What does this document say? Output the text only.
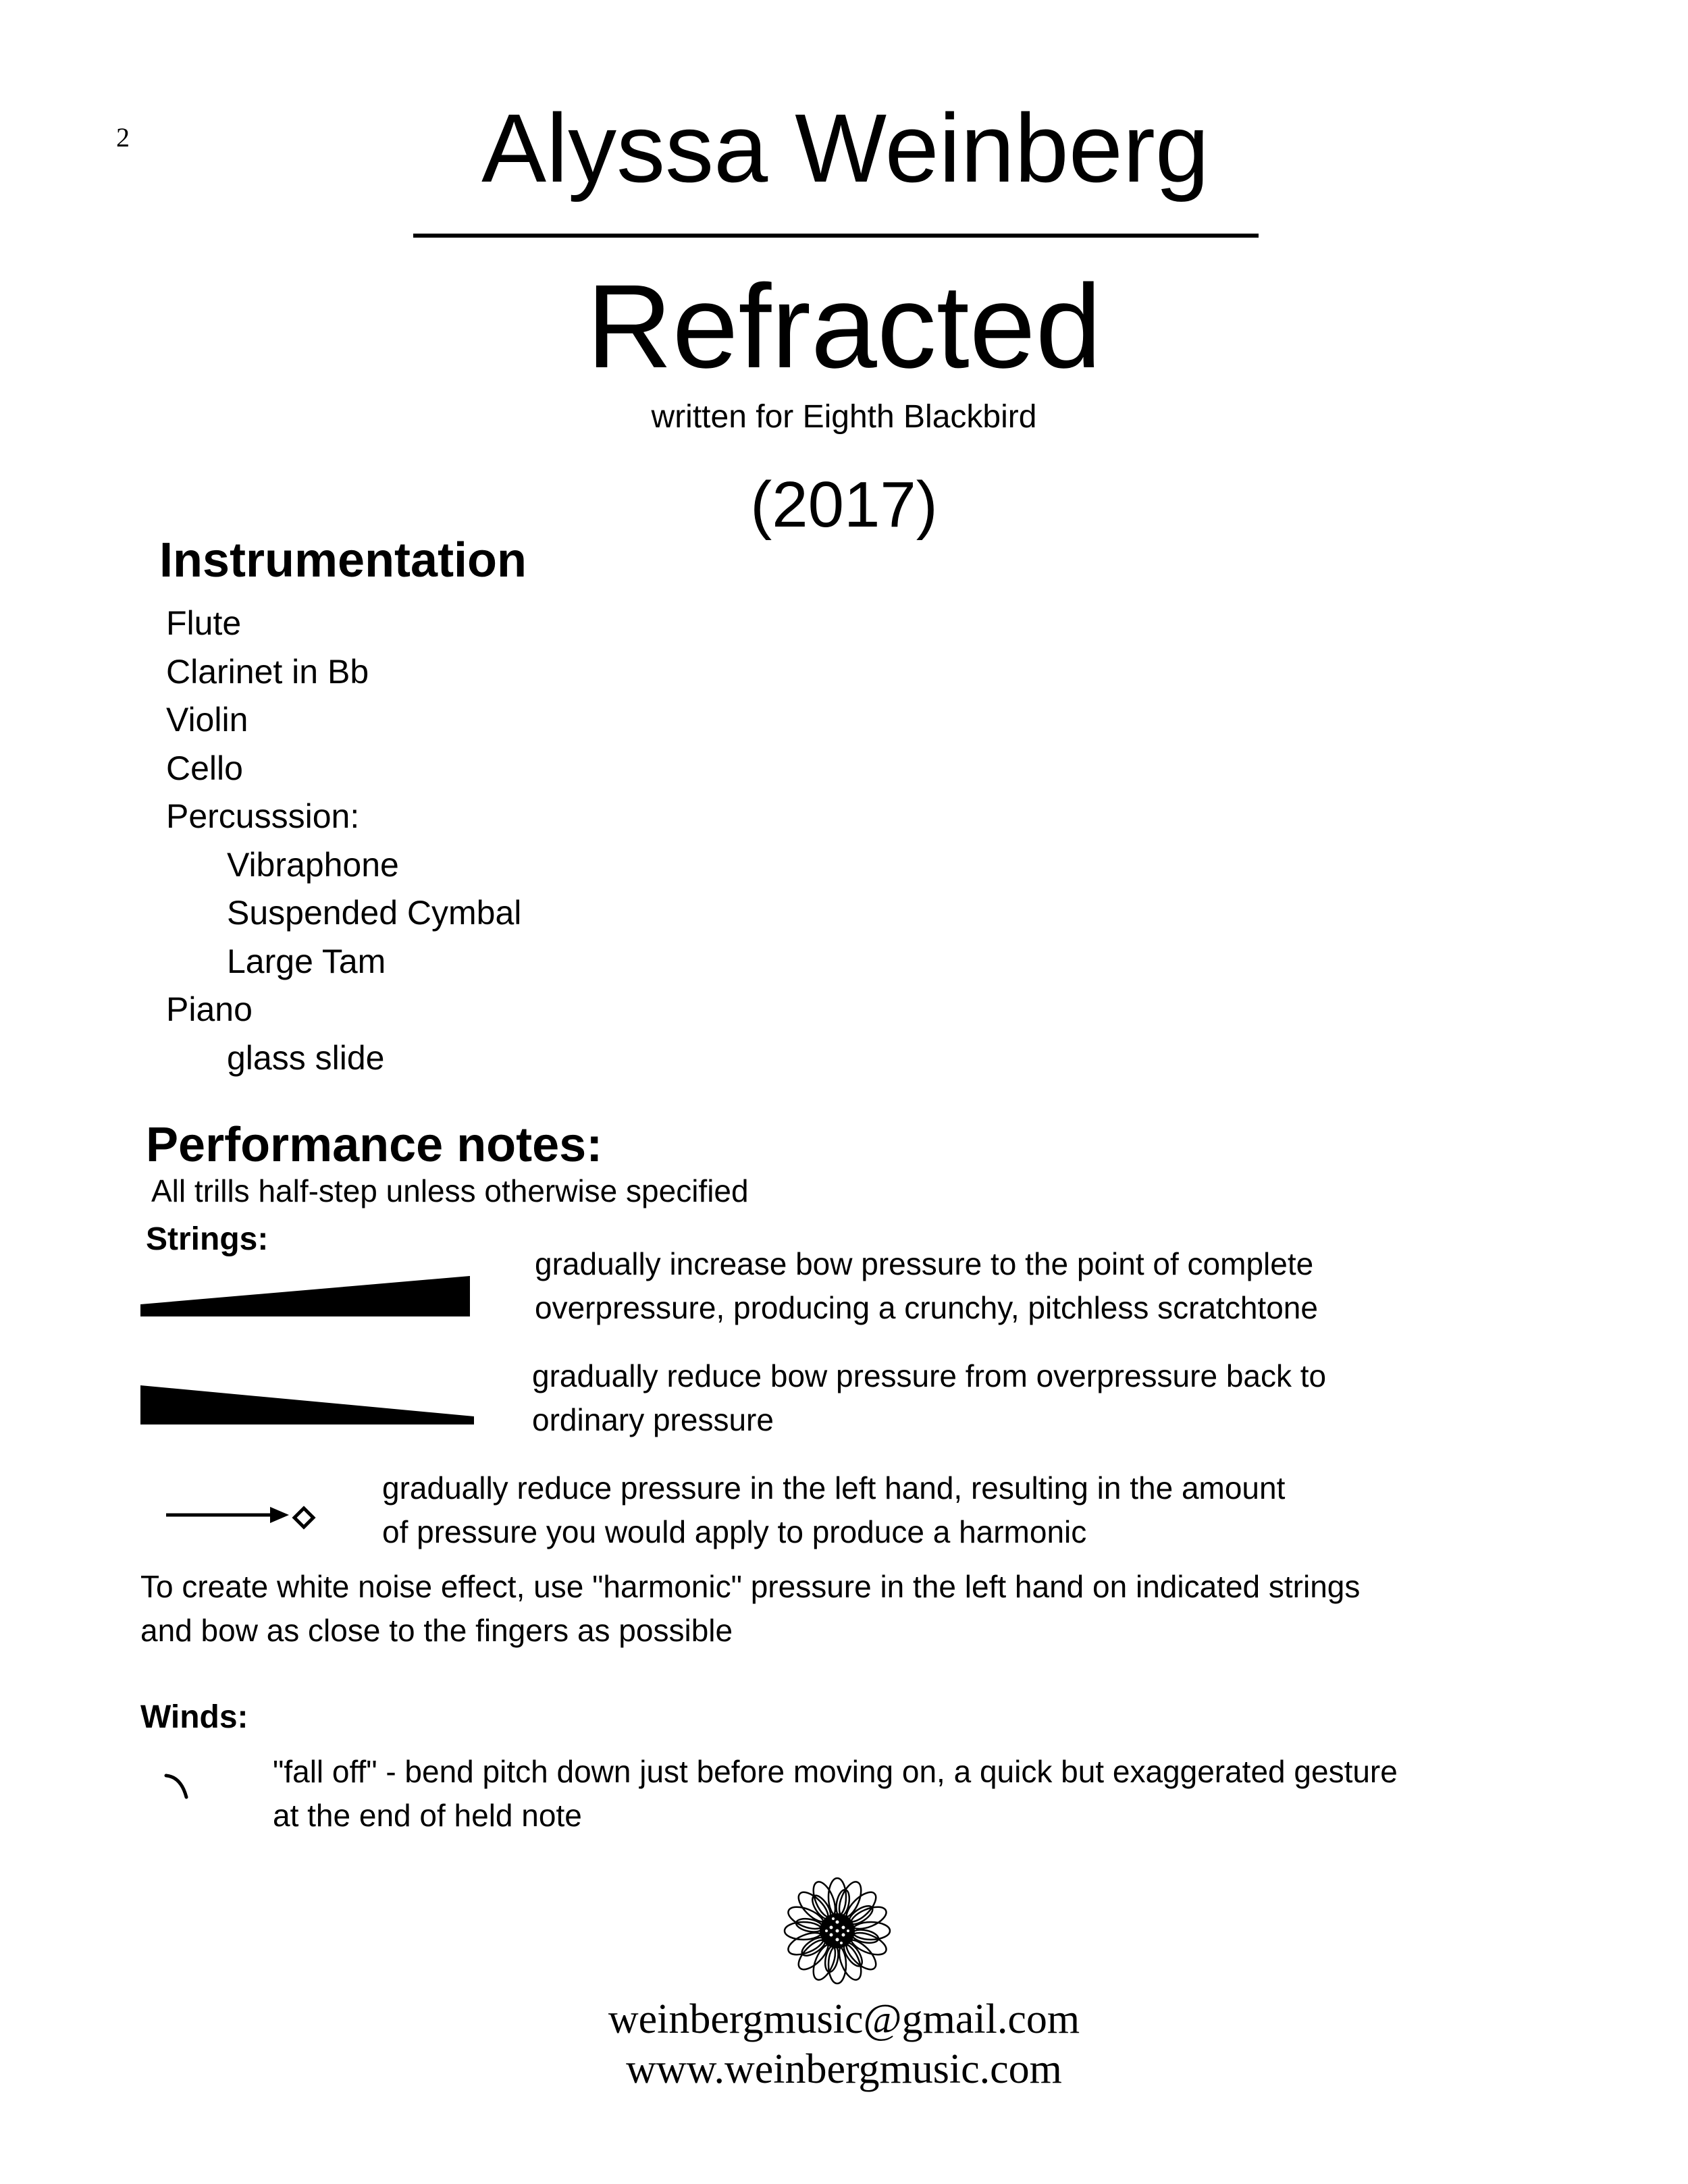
2	Alyssa Weinberg
Refracted
written for Eighth Blackbird
(2017)
Instrumentation
Flute
Clarinet in Bb
Violin
Cello
Percusssion:
Vibraphone
Suspended Cymbal
Large Tam
Piano
glass slide
Performance notes:
All trills half-step unless otherwise specified
Strings:
gradually increase bow pressure to the point of complete
overpressure, producing a crunchy, pitchless scratchtone
gradually reduce bow pressure from overpressure back to
ordinary pressure
gradually reduce pressure in the left hand, resulting in the amount
of pressure you would apply to produce a harmonic
To create white noise effect, use "harmonic" pressure in the left hand on indicated strings
and bow as close to the fingers as possible
Winds:
"fall off" - bend pitch down just before moving on, a quick but exaggerated gesture
at the end of held note
weinbergmusic@gmail.com
www.weinbergmusic.com
